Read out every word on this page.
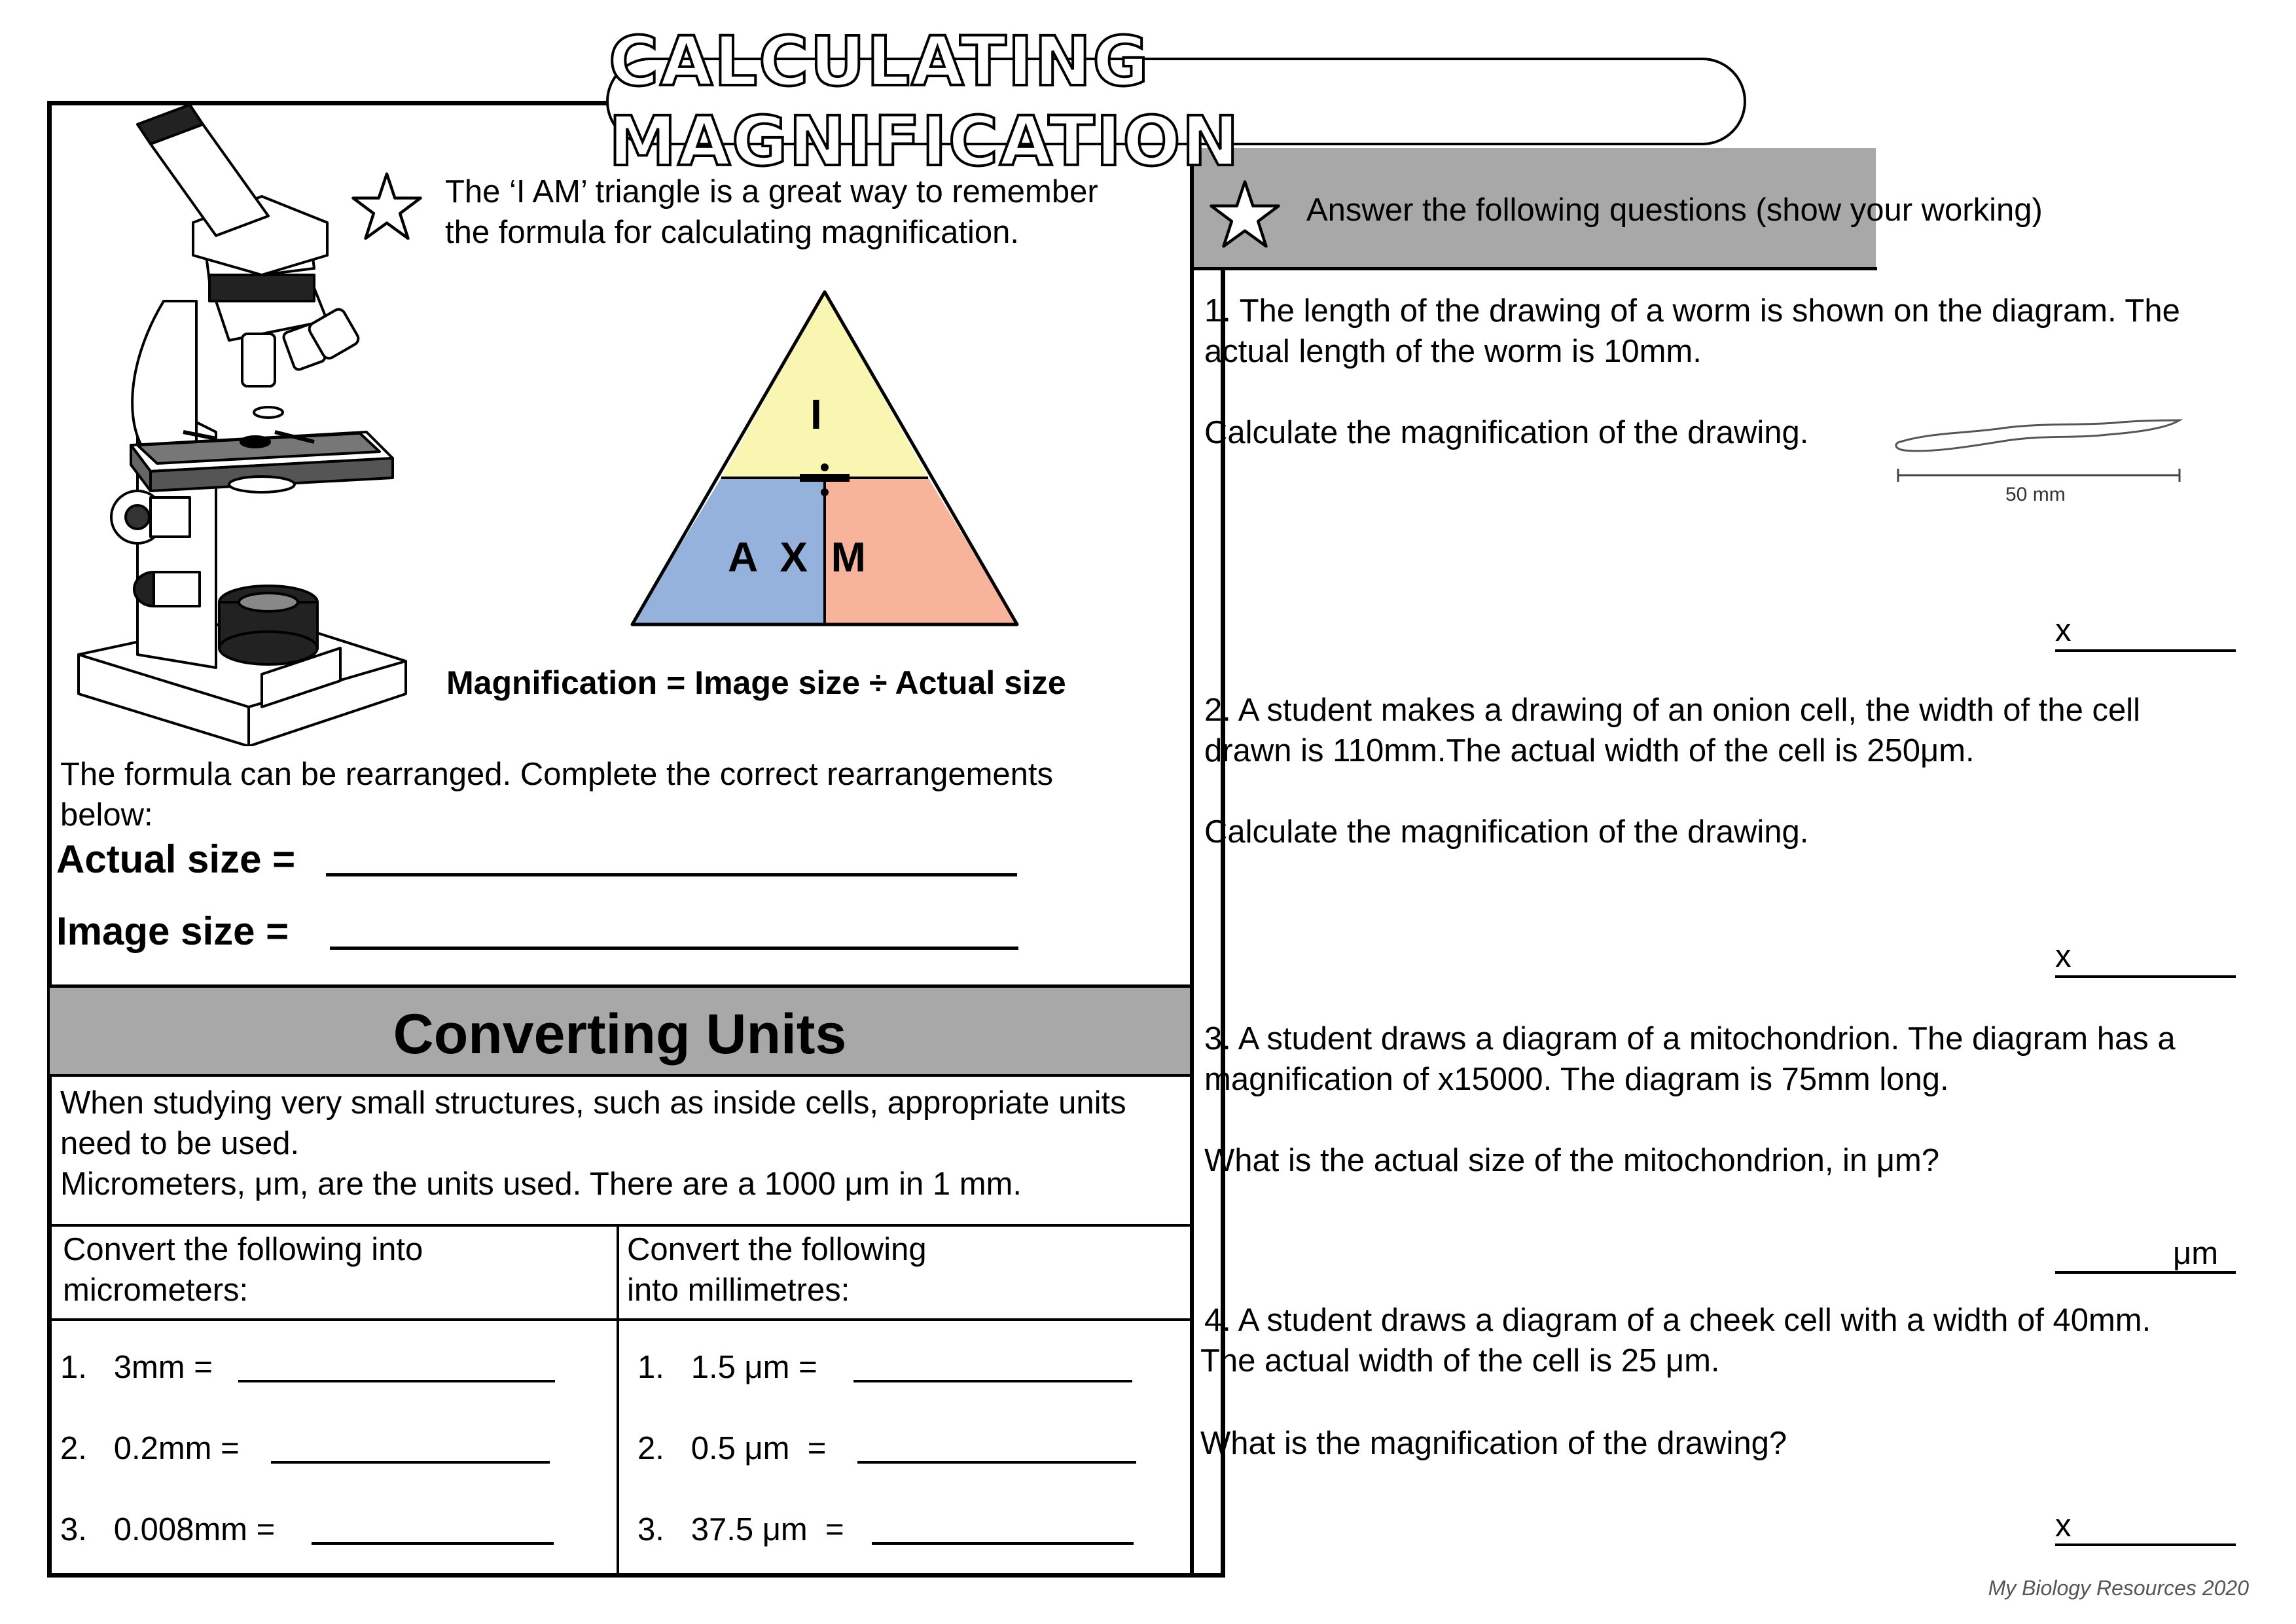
CALCULATING MAGNIFICATION
The ‘I AM’ triangle is a great way to remember
the formula for calculating magnification.
I
A  X  M
Magnification = Image size ÷ Actual size
The formula can be rearranged. Complete the correct rearrangements
below:
Actual size =
Image size =
Converting Units
When studying very small structures, such as inside cells, appropriate units
need to be used.
Micrometers, μm, are the units used. There are a 1000 μm in 1 mm.
Convert the following into
micrometers:
Convert the following
into millimetres:
1.   3mm =
2.   0.2mm =
3.   0.008mm =
1.   1.5 μm =
2.   0.5 μm  =
3.   37.5 μm  =
Answer the following questions (show your working)
1. The length of the drawing of a worm is shown on the diagram. The
actual length of the worm is 10mm.
Calculate the magnification of the drawing.
50 mm
x
2. A student makes a drawing of an onion cell, the width of the cell
drawn is 110mm.The actual width of the cell is 250μm.
Calculate the magnification of the drawing.
x
3. A student draws a diagram of a mitochondrion. The diagram has a
magnification of x15000. The diagram is 75mm long.
What is the actual size of the mitochondrion, in μm?
μm
4. A student draws a diagram of a cheek cell with a width of 40mm.
The actual width of the cell is 25 μm.
What is the magnification of the drawing?
x
My Biology Resources 2020
